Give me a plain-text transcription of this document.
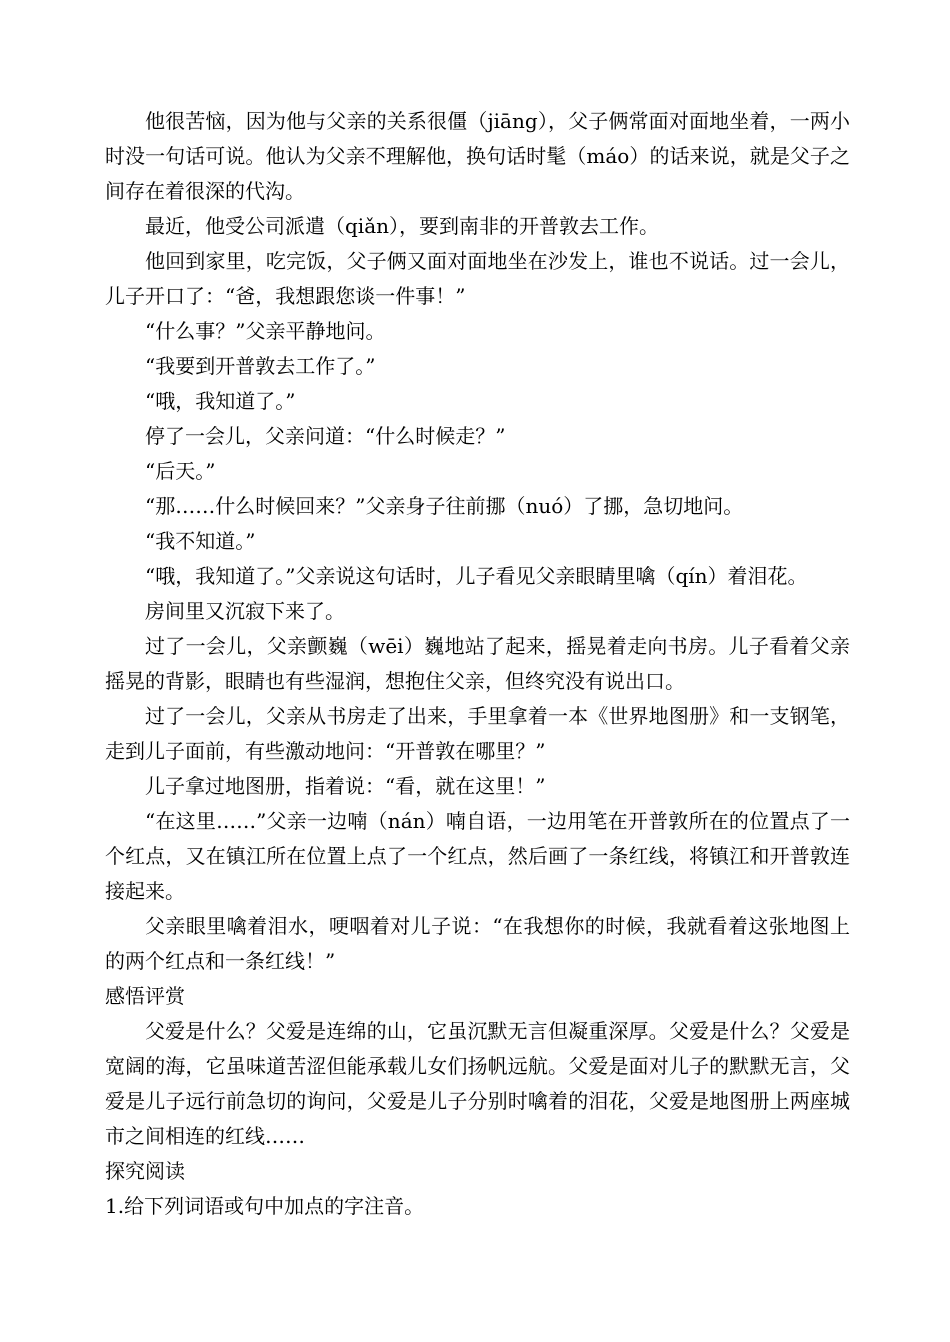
他很苦恼，因为他与父亲的关系很僵（jiāng），父子俩常面对面地坐着，一两小时没一句话可说。他认为父亲不理解他，换句话时髦（máo）的话来说，就是父子之间存在着很深的代沟。

最近，他受公司派遣（qiǎn），要到南非的开普敦去工作。

他回到家里，吃完饭，父子俩又面对面地坐在沙发上，谁也不说话。过一会儿，儿子开口了：“爸，我想跟您谈一件事！”

“什么事？”父亲平静地问。

“我要到开普敦去工作了。”

“哦，我知道了。”

停了一会儿，父亲问道：“什么时候走？”

“后天。”

“那……什么时候回来？”父亲身子往前挪（nuó）了挪，急切地问。

“我不知道。”

“哦，我知道了。”父亲说这句话时，儿子看见父亲眼睛里噙（qín）着泪花。

房间里又沉寂下来了。

过了一会儿，父亲颤巍（wēi）巍地站了起来，摇晃着走向书房。儿子看着父亲摇晃的背影，眼睛也有些湿润，想抱住父亲，但终究没有说出口。

过了一会儿，父亲从书房走了出来，手里拿着一本《世界地图册》和一支钢笔，走到儿子面前，有些激动地问：“开普敦在哪里？”

儿子拿过地图册，指着说：“看，就在这里！”

“在这里……”父亲一边喃（nán）喃自语，一边用笔在开普敦所在的位置点了一个红点，又在镇江所在位置上点了一个红点，然后画了一条红线，将镇江和开普敦连接起来。

父亲眼里噙着泪水，哽咽着对儿子说：“在我想你的时候，我就看着这张地图上的两个红点和一条红线！”

感悟评赏

父爱是什么？父爱是连绵的山，它虽沉默无言但凝重深厚。父爱是什么？父爱是宽阔的海，它虽味道苦涩但能承载儿女们扬帆远航。父爱是面对儿子的默默无言，父爱是儿子远行前急切的询问，父爱是儿子分别时噙着的泪花，父爱是地图册上两座城市之间相连的红线……

探究阅读

1.给下列词语或句中加点的字注音。
